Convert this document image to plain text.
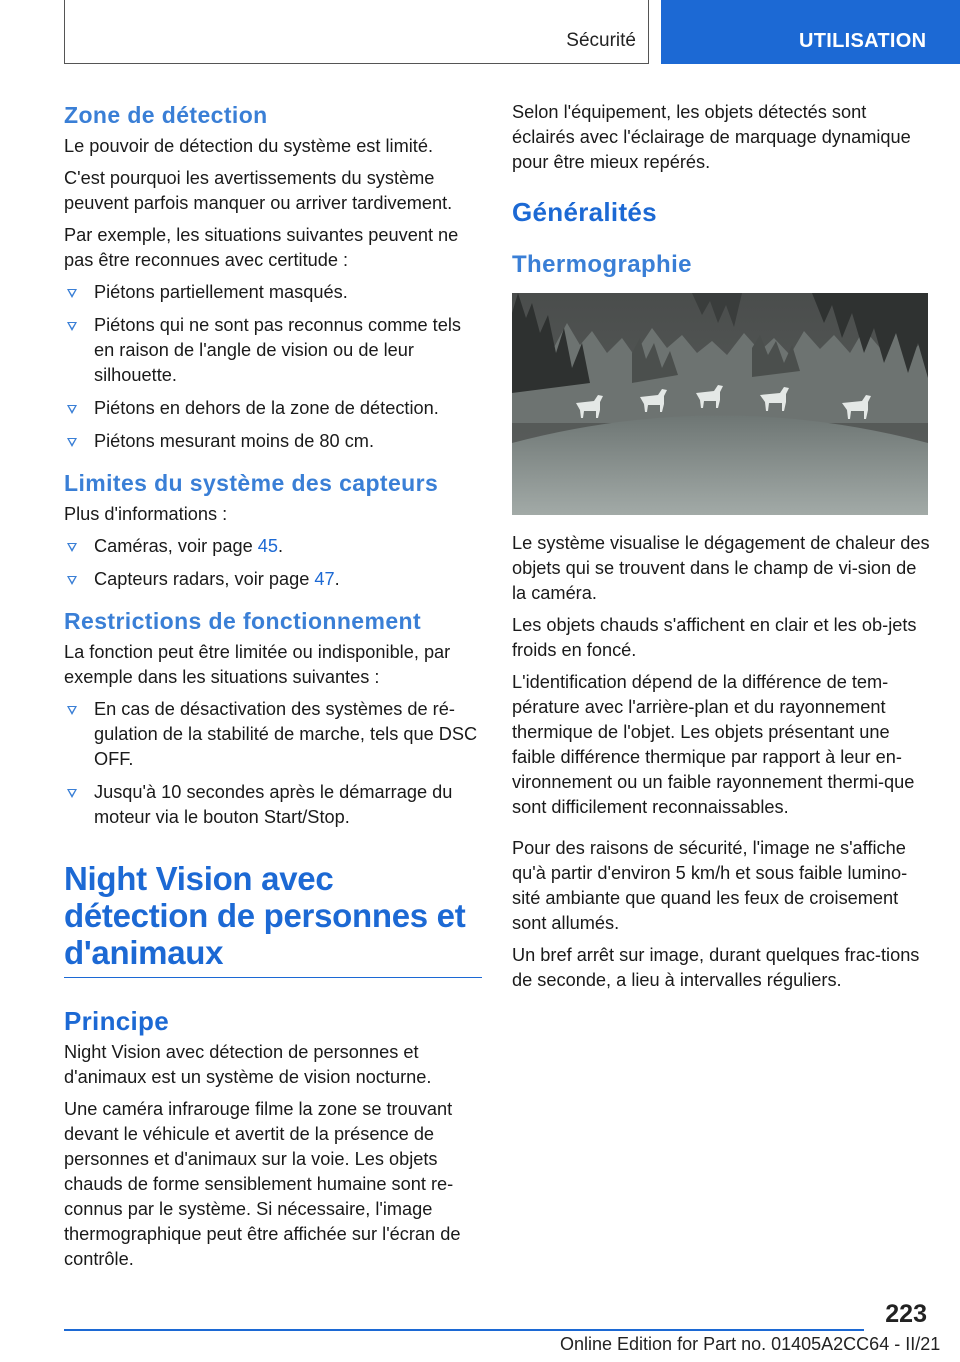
Sécurité	UTILISATION
Zone de détection

Le pouvoir de détection du système est limité.

C'est pourquoi les avertissements du système peuvent parfois manquer ou arriver tardivement.

Par exemple, les situations suivantes peuvent ne pas être reconnues avec certitude :

Piétons partiellement masqués.
Piétons qui ne sont pas reconnus comme tels en raison de l'angle de vision ou de leur silhouette.
Piétons en dehors de la zone de détection.
Piétons mesurant moins de 80 cm.
Limites du système des capteurs

Plus d'informations :

Caméras, voir page 45.
Capteurs radars, voir page 47.
Restrictions de fonctionnement

La fonction peut être limitée ou indisponible, par exemple dans les situations suivantes :

En cas de désactivation des systèmes de ré-gulation de la stabilité de marche, tels que DSC OFF.
Jusqu'à 10 secondes après le démarrage du moteur via le bouton Start/Stop.
Night Vision avec détection de personnes et d'animaux
Principe

Night Vision avec détection de personnes et d'animaux est un système de vision nocturne.

Une caméra infrarouge filme la zone se trouvant devant le véhicule et avertit de la présence de personnes et d'animaux sur la voie. Les objets chauds de forme sensiblement humaine sont re-connus par le système. Si nécessaire, l'image thermographique peut être affichée sur l'écran de contrôle.

Selon l'équipement, les objets détectés sont éclairés avec l'éclairage de marquage dynamique pour être mieux repérés.

Généralités
Thermographie

Le système visualise le dégagement de chaleur des objets qui se trouvent dans le champ de vi-sion de la caméra.

Les objets chauds s'affichent en clair et les ob-jets froids en foncé.

L'identification dépend de la différence de tem-pérature avec l'arrière-plan et du rayonnement thermique de l'objet. Les objets présentant une faible différence thermique par rapport à leur en-vironnement ou un faible rayonnement thermi-que sont difficilement reconnaissables.

Pour des raisons de sécurité, l'image ne s'affiche qu'à partir d'environ 5 km/h et sous faible lumino-sité ambiante que quand les feux de croisement sont allumés.

Un bref arrêt sur image, durant quelques frac-tions de seconde, a lieu à intervalles réguliers.

223
Online Edition for Part no. 01405A2CC64 - II/21
